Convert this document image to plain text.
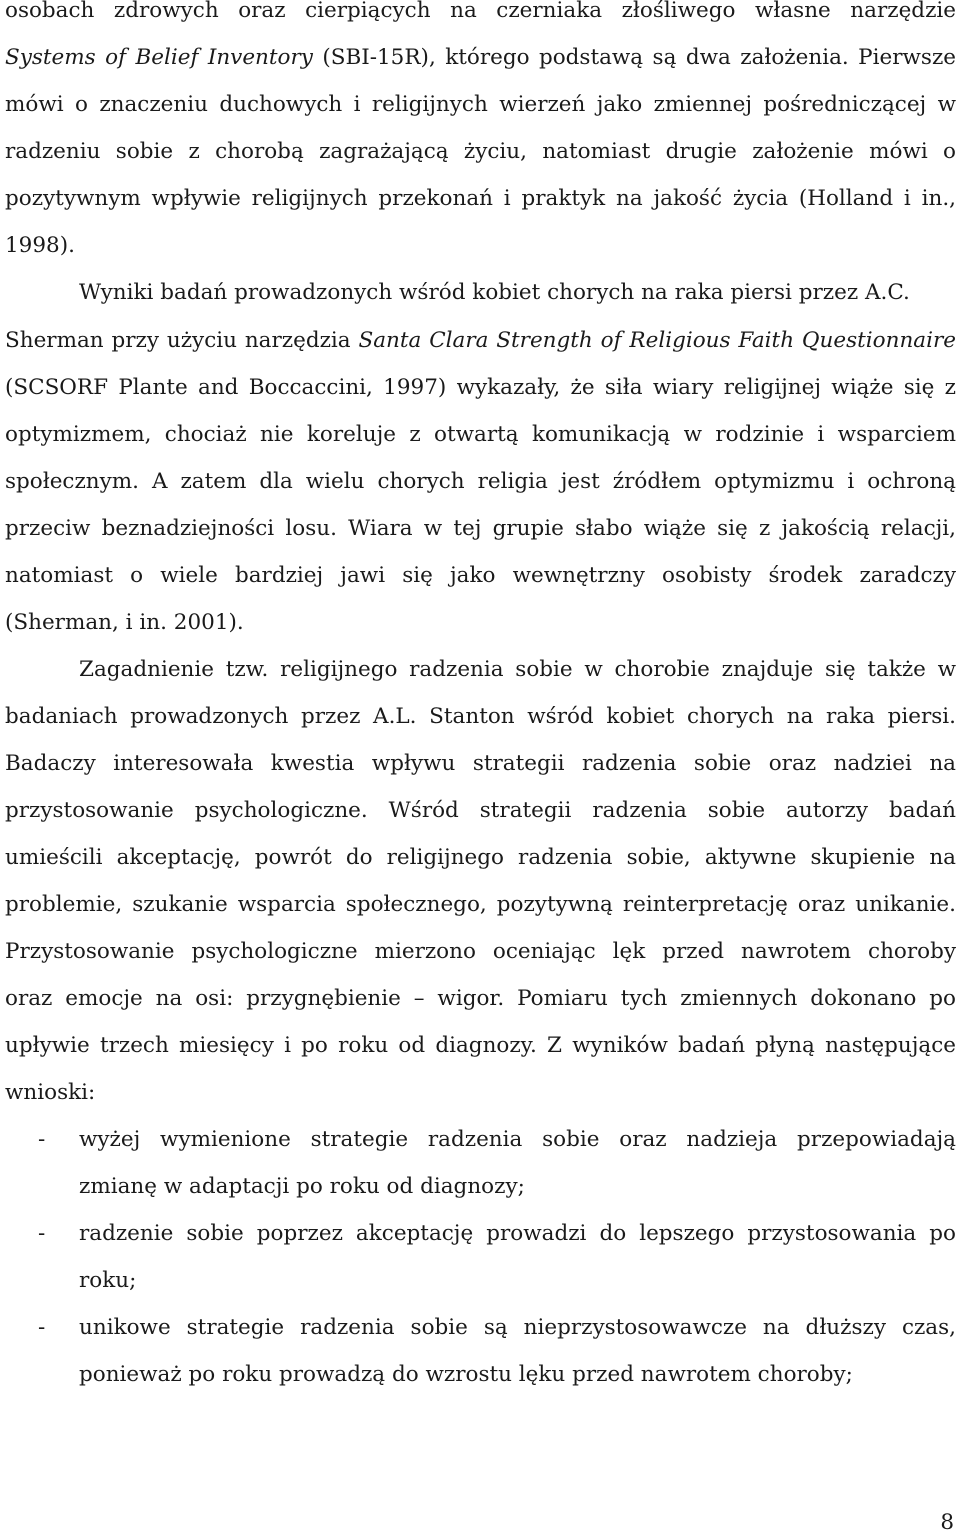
osobach zdrowych oraz cierpiących na czerniaka złośliwego własne narzędzie
Systems of Belief Inventory (SBI-15R), którego podstawą są dwa założenia. Pierwsze
mówi o znaczeniu duchowych i religijnych wierzeń jako zmiennej pośredniczącej w
radzeniu sobie z chorobą zagrażającą życiu, natomiast drugie założenie mówi o
pozytywnym wpływie religijnych przekonań i praktyk na jakość życia (Holland i in.,
1998).
Wyniki badań prowadzonych wśród kobiet chorych na raka piersi przez A.C.
Sherman przy użyciu narzędzia Santa Clara Strength of Religious Faith Questionnaire
(SCSORF Plante and Boccaccini, 1997) wykazały, że siła wiary religijnej wiąże się z
optymizmem, chociaż nie koreluje z otwartą komunikacją w rodzinie i wsparciem
społecznym. A zatem dla wielu chorych religia jest źródłem optymizmu i ochroną
przeciw beznadziejności losu. Wiara w tej grupie słabo wiąże się z jakością relacji,
natomiast o wiele bardziej jawi się jako wewnętrzny osobisty środek zaradczy
(Sherman, i in. 2001).
Zagadnienie tzw. religijnego radzenia sobie w chorobie znajduje się także w
badaniach prowadzonych przez A.L. Stanton wśród kobiet chorych na raka piersi.
Badaczy interesowała kwestia wpływu strategii radzenia sobie oraz nadziei na
przystosowanie psychologiczne. Wśród strategii radzenia sobie autorzy badań
umieścili akceptację, powrót do religijnego radzenia sobie, aktywne skupienie na
problemie, szukanie wsparcia społecznego, pozytywną reinterpretację oraz unikanie.
Przystosowanie psychologiczne mierzono oceniając lęk przed nawrotem choroby
oraz emocje na osi: przygnębienie – wigor. Pomiaru tych zmiennych dokonano po
upływie trzech miesięcy i po roku od diagnozy. Z wyników badań płyną następujące
wnioski:
-	wyżej wymienione strategie radzenia sobie oraz nadzieja przepowiadają
zmianę w adaptacji po roku od diagnozy;
-	radzenie sobie poprzez akceptację prowadzi do lepszego przystosowania po
roku;
-	unikowe strategie radzenia sobie są nieprzystosowawcze na dłuższy czas,
ponieważ po roku prowadzą do wzrostu lęku przed nawrotem choroby;
8
